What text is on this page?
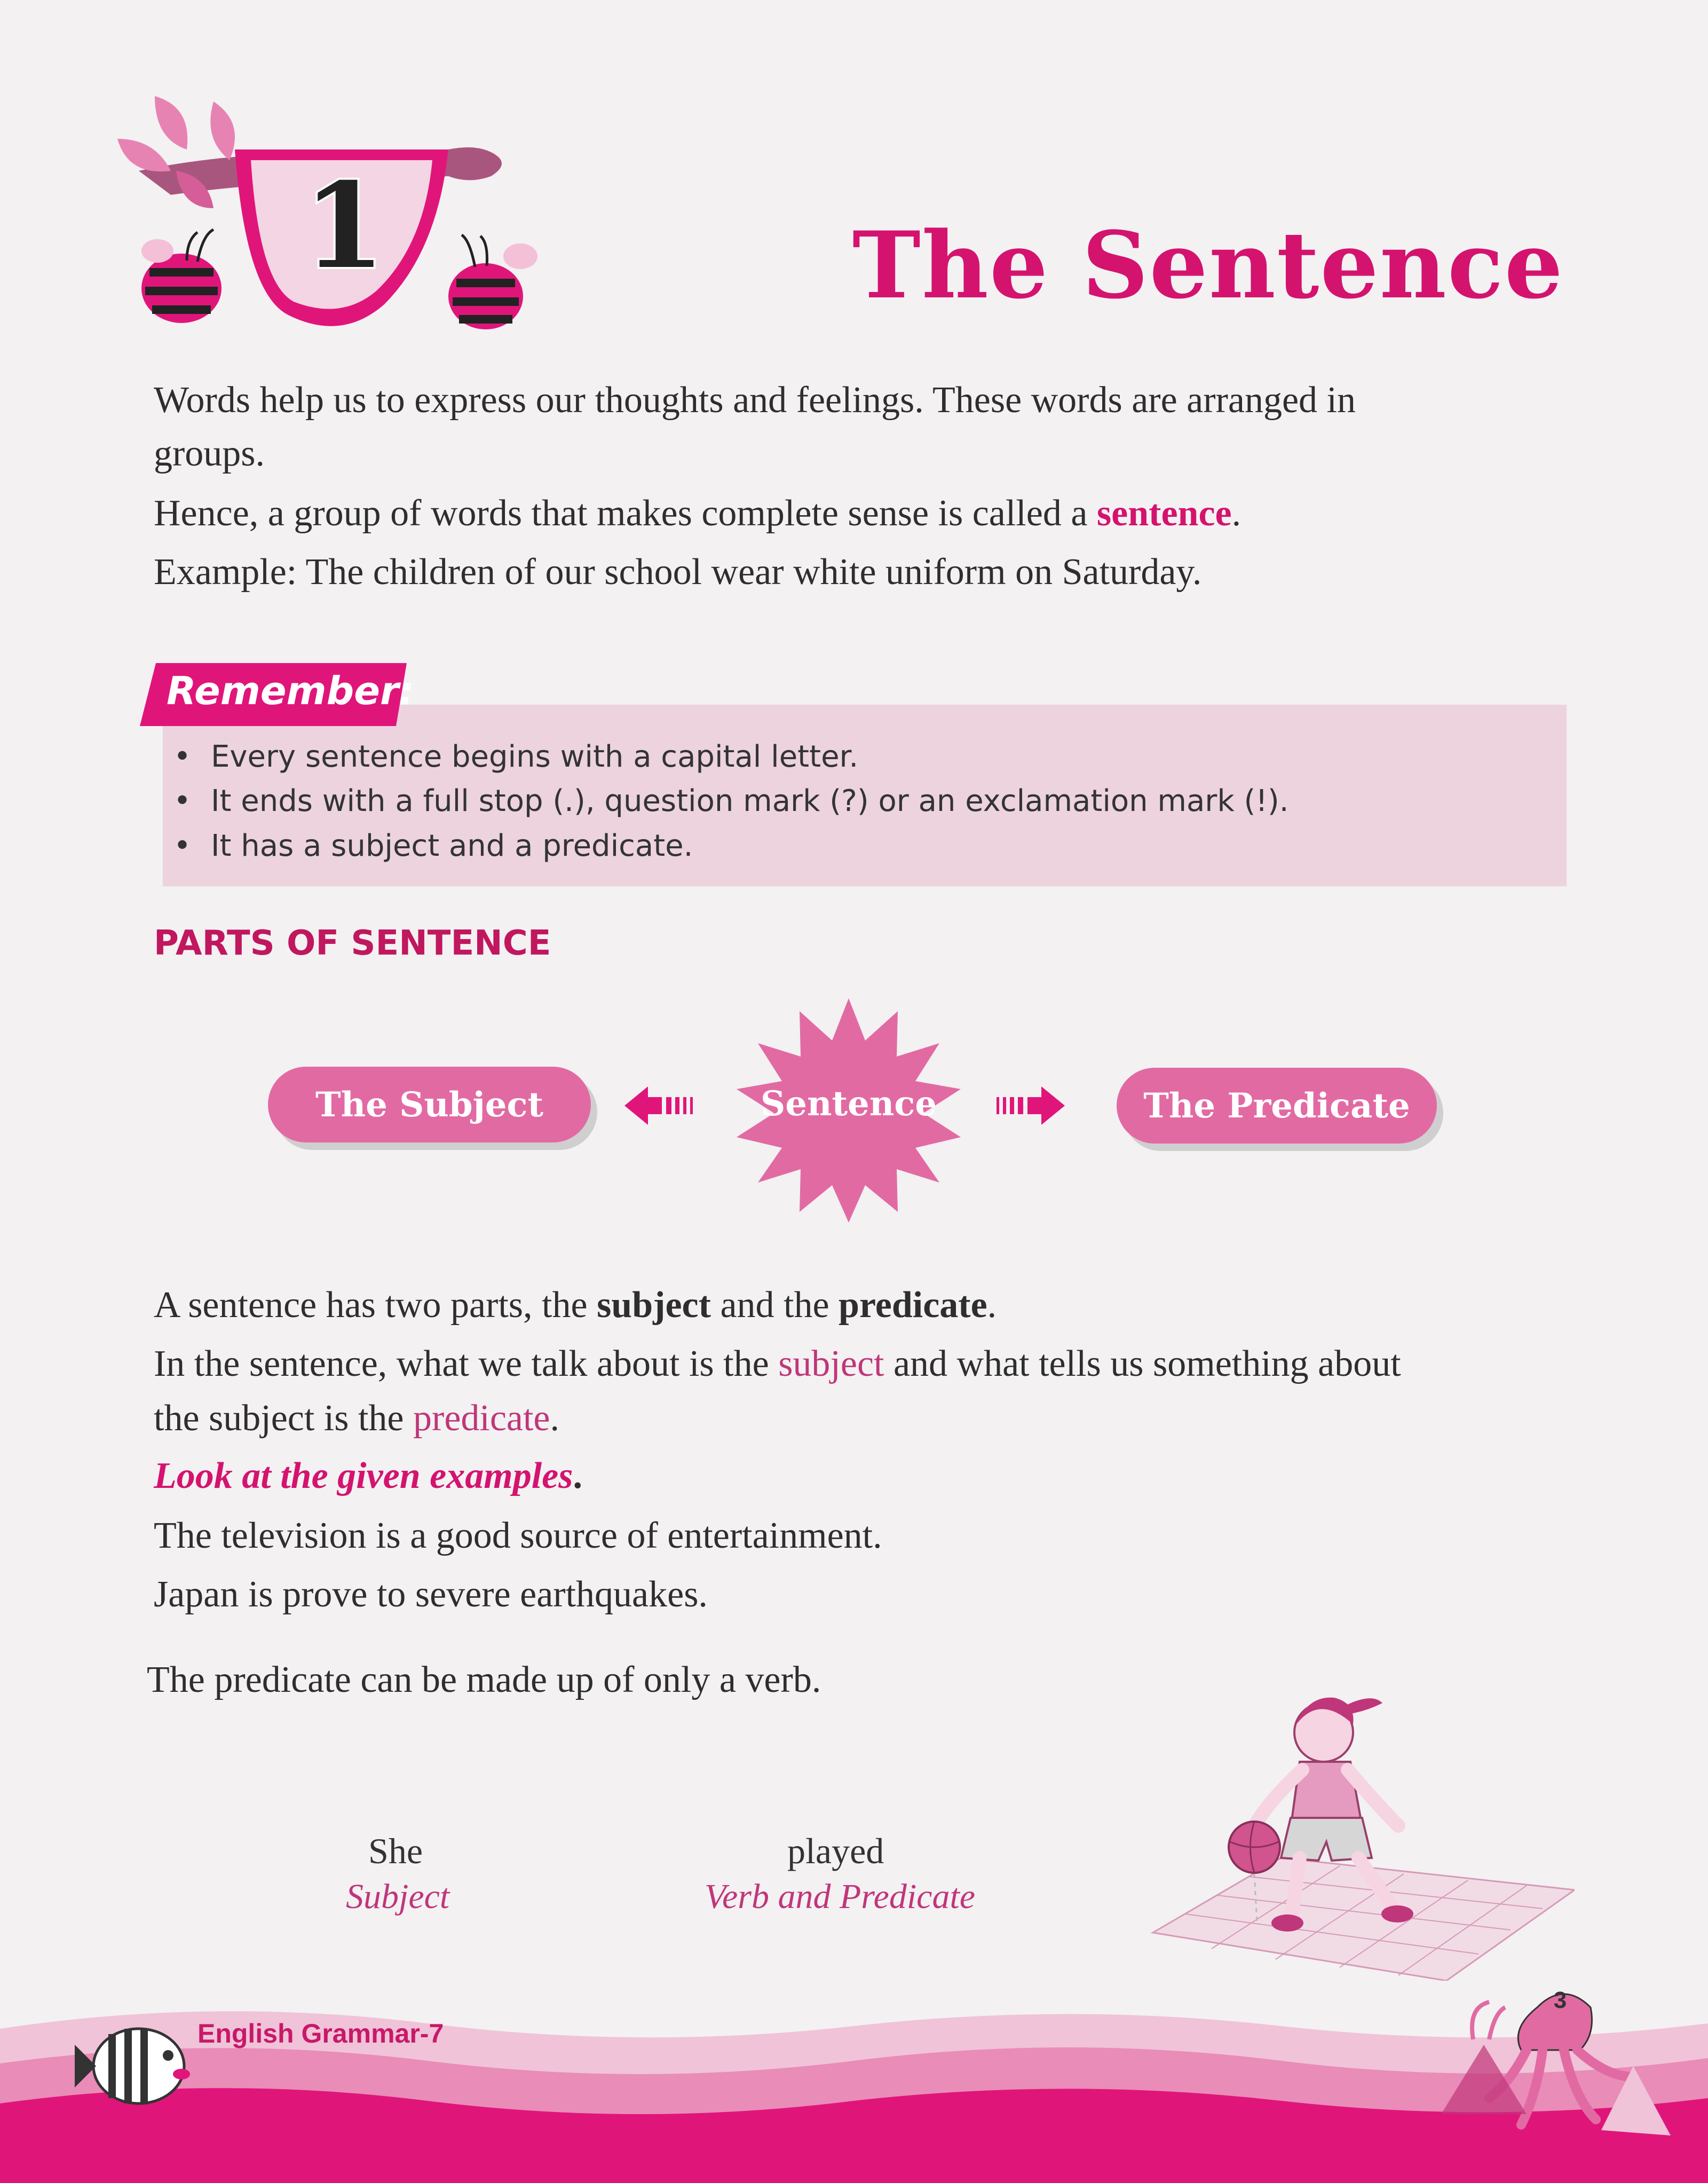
1	The Sentence
Words help us to express our thoughts and feelings. These words are arranged in
groups.
Hence, a group of words that makes complete sense is called a sentence.
Example: The children of our school wear white uniform on Saturday.
Remember:
• Every sentence begins with a capital letter.
• It ends with a full stop (.), question mark (?) or an exclamation mark (!).
• It has a subject and a predicate.
PARTS OF SENTENCE
The Subject	Sentence	The Predicate
A sentence has two parts, the subject and the predicate.
In the sentence, what we talk about is the subject and what tells us something about
the subject is the predicate.
Look at the given examples.
The television is a good source of entertainment.
Japan is prove to severe earthquakes.
The predicate can be made up of only a verb.
She
Subject
played
Verb and Predicate
English Grammar-7
3
